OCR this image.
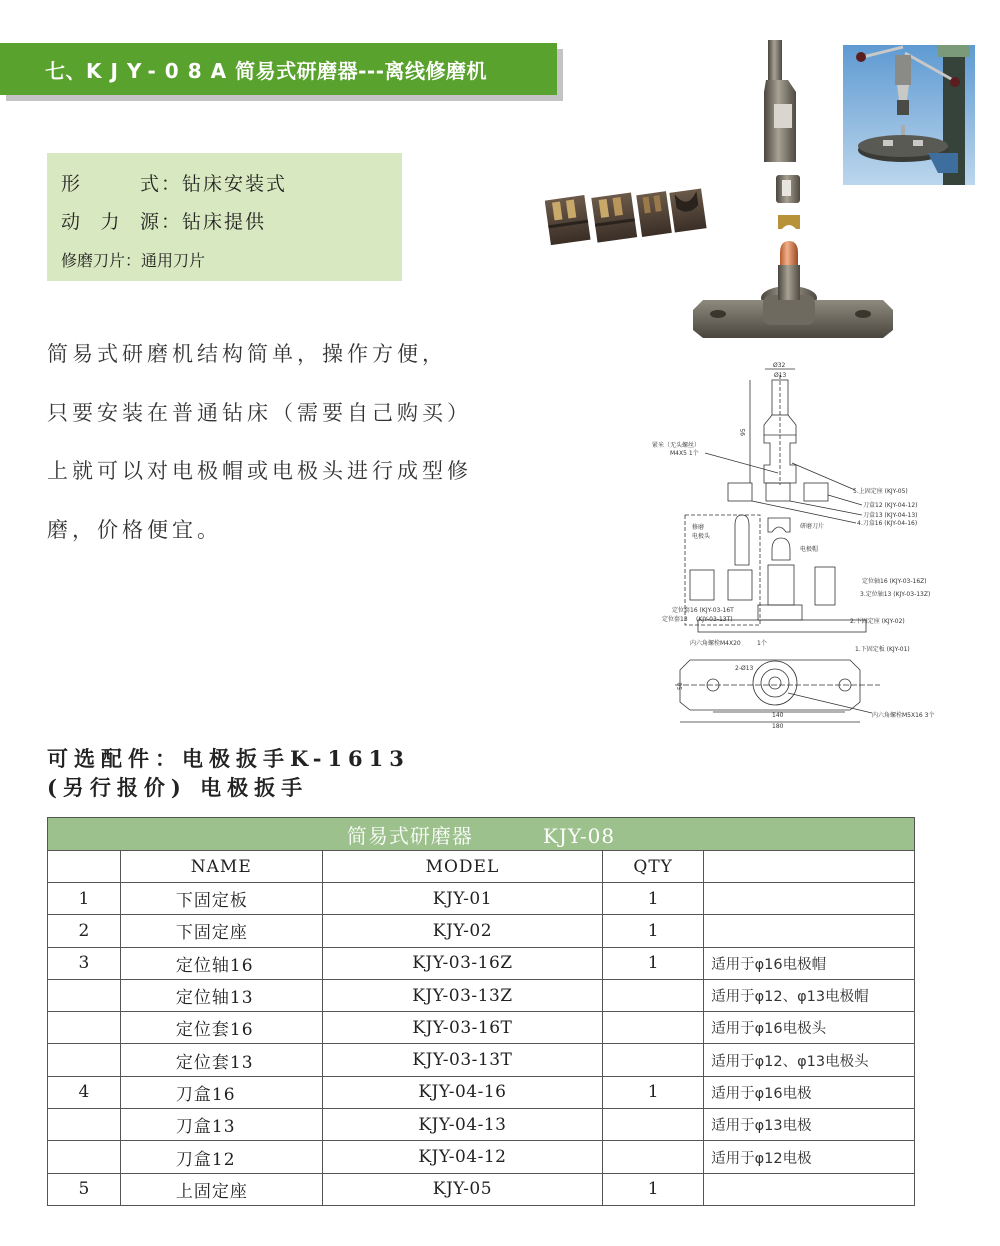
七、KJY-08A简易式研磨器---离线修磨机
形	式 ： 钻床安装式
动 力 源 ： 钻床提供
修磨刀片 ： 通用刀片

简易式研磨机结构简单，操作方便，

只要安装在普通钻床（需要自己购买）

上就可以对电极帽或电极头进行成型修

磨，价格便宜。

Ø32
Ø13
95
紧米（无头螺丝）
M4X5 1个
5.上固定座 (KJY-05)
刀盒12 (KJY-04-12)
刀盒13 (KJY-04-13)
4.刀盒16 (KJY-04-16)
修磨
电极头
研磨刀片
电极帽
定位轴16 (KJY-03-16Z)
3.定位轴13 (KJY-03-13Z)
定位套16 (KJY-03-16T
定位套13 (KJY-03-13T)	2.下固定座 (KJY-02)
内六角螺栓M4X20	1个
1.下固定板 (KJY-01)
50
2-Ø13
140
180
内六角螺栓M5X16 3个
可选配件：电极扳手K-1613
(另行报价) 电极扳手
简易式研磨器 KJY-08				
	NAME	MODEL	QTY	
1	下固定板	KJY-01	1	
2	下固定座	KJY-02	1	
3	定位轴16	KJY-03-16Z	1	适用于φ16电极帽
	定位轴13	KJY-03-13Z		适用于φ12、φ13电极帽
	定位套16	KJY-03-16T		适用于φ16电极头
	定位套13	KJY-03-13T		适用于φ12、φ13电极头
4	刀盒16	KJY-04-16	1	适用于φ16电极
	刀盒13	KJY-04-13		适用于φ13电极
	刀盒12	KJY-04-12		适用于φ12电极
5	上固定座	KJY-05	1	
